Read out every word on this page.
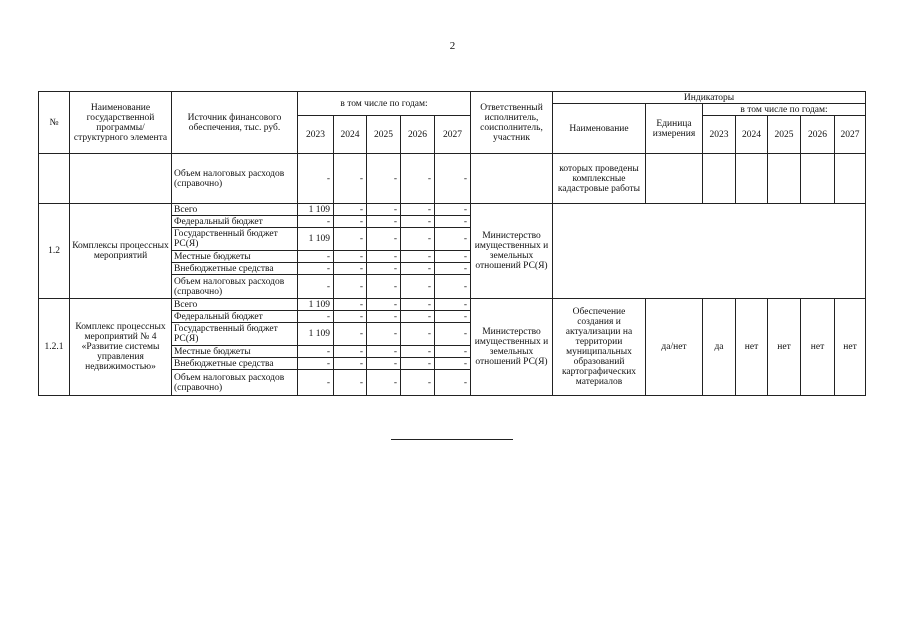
2
№	Наименование государственной программы/ структурного элемента	Источник финансового обеспечения, тыс. руб.	в том числе по годам:					Ответственный исполнитель, соисполнитель, участник	Индикаторы						
									Наименование	Единица измерения	в том числе по годам:				
			2023	2024	2025	2026	2027				2023	2024	2025	2026	2027
		Объем налоговых расходов (справочно)	-	-	-	-	-		которых проведены комплексные кадастровые работы						
1.2	Комплексы процессных мероприятий	Всего	1 109	-	-	-	-	Министерство имущественных и земельных отношений РС(Я)							
		Федеральный бюджет	-	-	-	-	-								
		Государственный бюджет РС(Я)	1 109	-	-	-	-								
		Местные бюджеты	-	-	-	-	-								
		Внебюджетные средства	-	-	-	-	-								
		Объем налоговых расходов (справочно)	-	-	-	-	-								
1.2.1	Комплекс процессных мероприятий № 4 «Развитие системы управления недвижимостью»	Всего	1 109	-	-	-	-	Министерство имущественных и земельных отношений РС(Я)	Обеспечение создания и актуализации на территории муниципальных образований картографических материалов	да/нет	да	нет	нет	нет	нет
		Федеральный бюджет	-	-	-	-	-								
		Государственный бюджет РС(Я)	1 109	-	-	-	-								
		Местные бюджеты	-	-	-	-	-								
		Внебюджетные средства	-	-	-	-	-								
		Объем налоговых расходов (справочно)	-	-	-	-	-								
